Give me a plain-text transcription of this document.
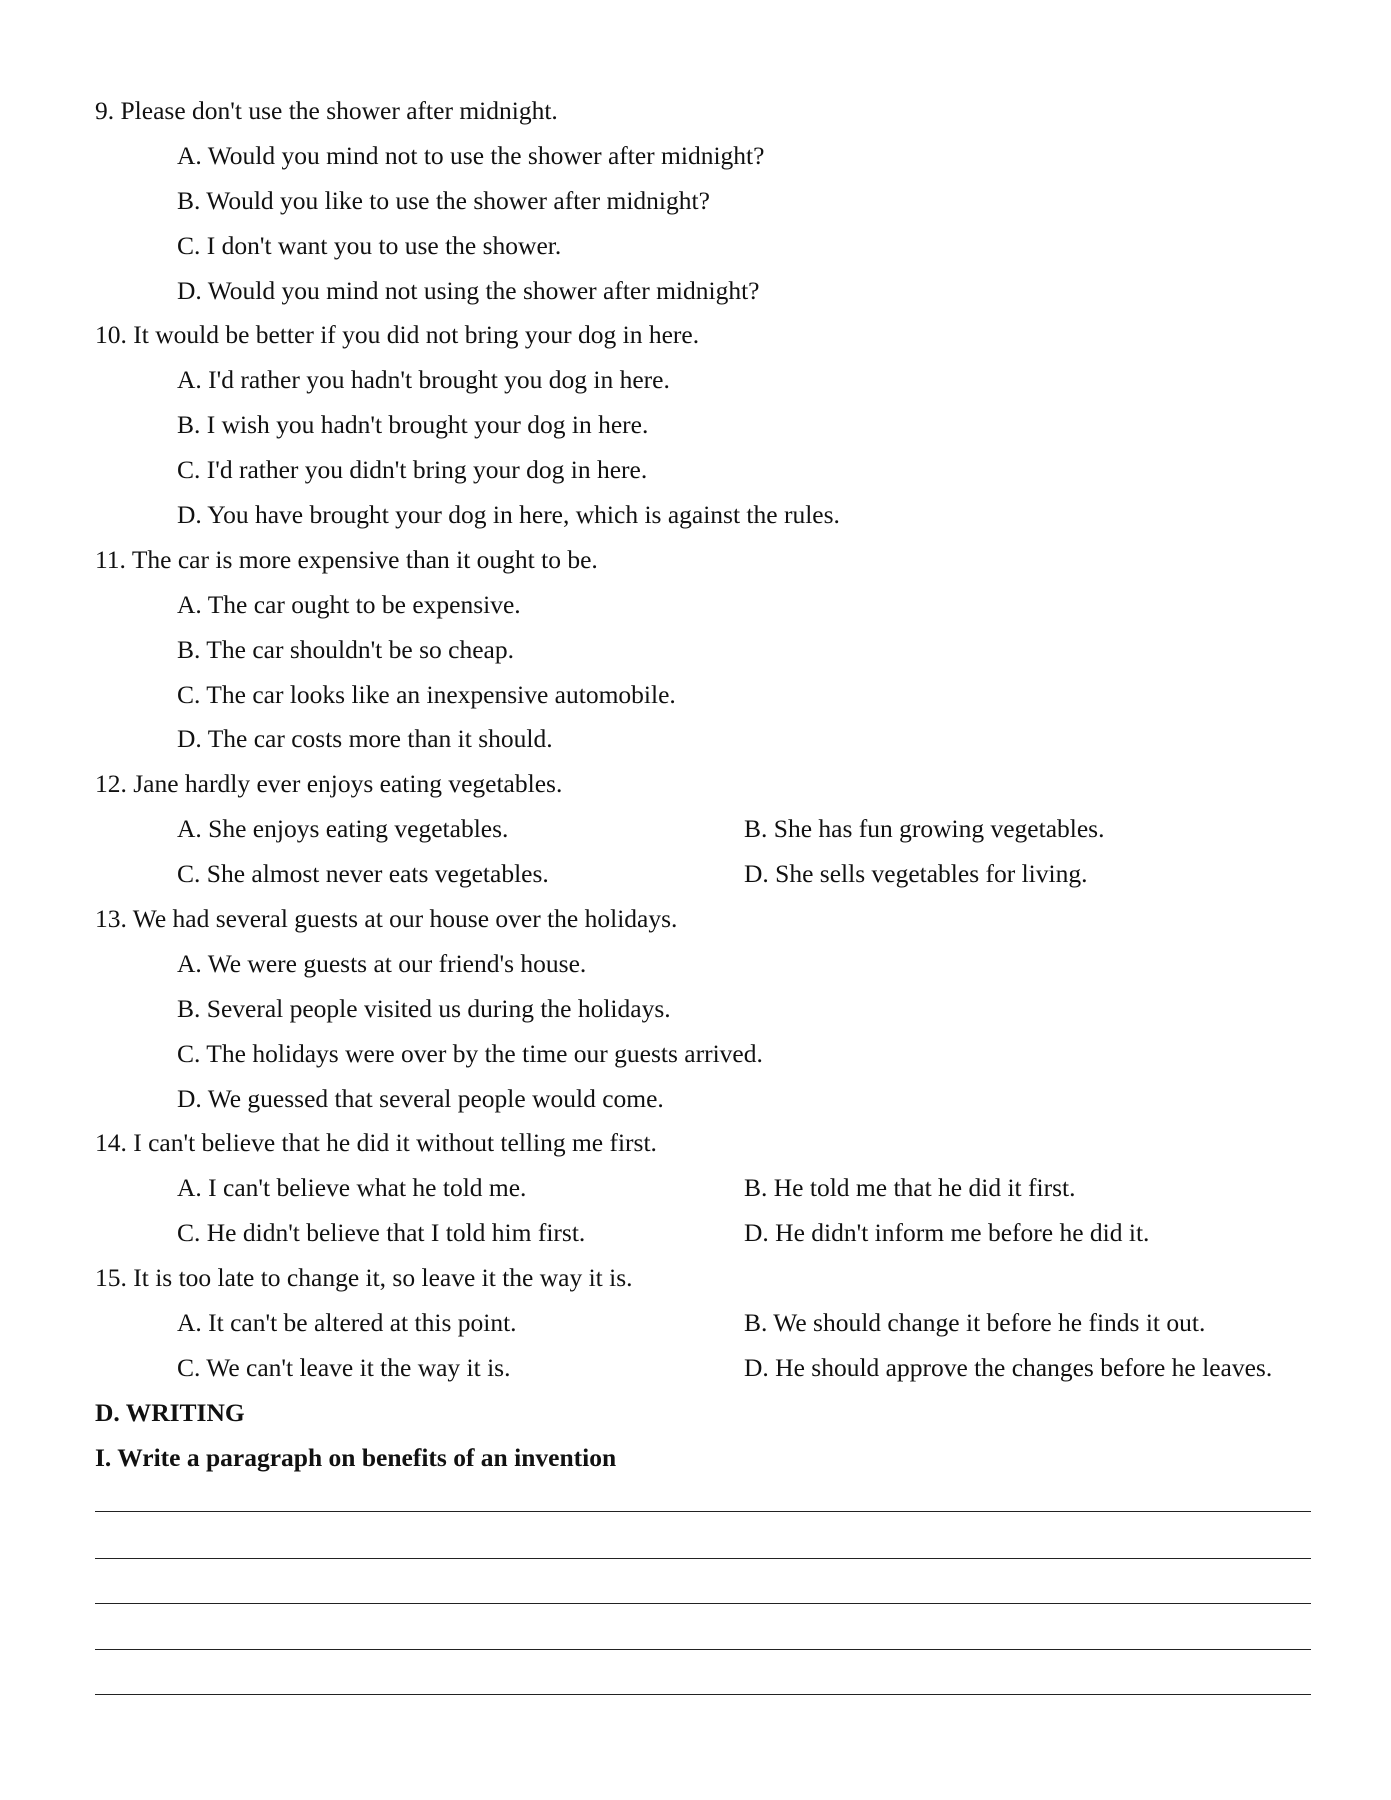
9. Please don't use the shower after midnight.
A. Would you mind not to use the shower after midnight?
B. Would you like to use the shower after midnight?
C. I don't want you to use the shower.
D. Would you mind not using the shower after midnight?
10. It would be better if you did not bring your dog in here.
A. I'd rather you hadn't brought you dog in here.
B. I wish you hadn't brought your dog in here.
C. I'd rather you didn't bring your dog in here.
D. You have brought your dog in here, which is against the rules.
11. The car is more expensive than it ought to be.
A. The car ought to be expensive.
B. The car shouldn't be so cheap.
C. The car looks like an inexpensive automobile.
D. The car costs more than it should.
12. Jane hardly ever enjoys eating vegetables.
A. She enjoys eating vegetables.	B. She has fun growing vegetables.
C. She almost never eats vegetables.	D. She sells vegetables for living.
13. We had several guests at our house over the holidays.
A. We were guests at our friend's house.
B. Several people visited us during the holidays.
C. The holidays were over by the time our guests arrived.
D. We guessed that several people would come.
14. I can't believe that he did it without telling me first.
A. I can't believe what he told me.	B. He told me that he did it first.
C. He didn't believe that I told him first.	D. He didn't inform me before he did it.
15. It is too late to change it, so leave it the way it is.
A. It can't be altered at this point.	B. We should change it before he finds it out.
C. We can't leave it the way it is.	D. He should approve the changes before he leaves.
D. WRITING
I. Write a paragraph on benefits of an invention
